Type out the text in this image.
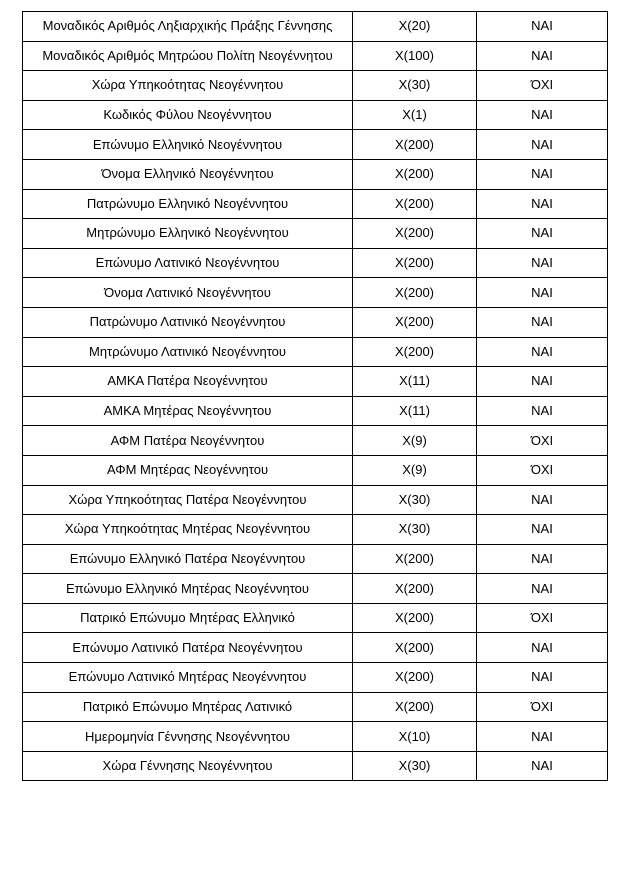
Μοναδικός Αριθμός Ληξιαρχικής Πράξης Γέννησης	Χ(20)	ΝΑΙ
Μοναδικός Αριθμός Μητρώου Πολίτη Νεογέννητου	Χ(100)	ΝΑΙ
Χώρα Υπηκοότητας Νεογέννητου	Χ(30)	ΌΧΙ
Κωδικός Φύλου Νεογέννητου	Χ(1)	ΝΑΙ
Επώνυμο Ελληνικό Νεογέννητου	Χ(200)	ΝΑΙ
Όνομα Ελληνικό Νεογέννητου	Χ(200)	ΝΑΙ
Πατρώνυμο Ελληνικό Νεογέννητου	Χ(200)	ΝΑΙ
Μητρώνυμο Ελληνικό Νεογέννητου	Χ(200)	ΝΑΙ
Επώνυμο Λατινικό Νεογέννητου	Χ(200)	ΝΑΙ
Όνομα Λατινικό Νεογέννητου	Χ(200)	ΝΑΙ
Πατρώνυμο Λατινικό Νεογέννητου	Χ(200)	ΝΑΙ
Μητρώνυμο Λατινικό Νεογέννητου	Χ(200)	ΝΑΙ
ΑΜΚΑ Πατέρα Νεογέννητου	Χ(11)	ΝΑΙ
ΑΜΚΑ Μητέρας Νεογέννητου	Χ(11)	ΝΑΙ
ΑΦΜ Πατέρα Νεογέννητου	Χ(9)	ΌΧΙ
ΑΦΜ Μητέρας Νεογέννητου	Χ(9)	ΌΧΙ
Χώρα Υπηκοότητας Πατέρα Νεογέννητου	Χ(30)	ΝΑΙ
Χώρα Υπηκοότητας Μητέρας Νεογέννητου	Χ(30)	ΝΑΙ
Επώνυμο Ελληνικό Πατέρα Νεογέννητου	Χ(200)	ΝΑΙ
Επώνυμο Ελληνικό Μητέρας Νεογέννητου	Χ(200)	ΝΑΙ
Πατρικό Επώνυμο Μητέρας Ελληνικό	Χ(200)	ΌΧΙ
Επώνυμο Λατινικό Πατέρα Νεογέννητου	Χ(200)	ΝΑΙ
Επώνυμο Λατινικό Μητέρας Νεογέννητου	Χ(200)	ΝΑΙ
Πατρικό Επώνυμο Μητέρας Λατινικό	Χ(200)	ΌΧΙ
Ημερομηνία Γέννησης Νεογέννητου	Χ(10)	ΝΑΙ
Χώρα Γέννησης Νεογέννητου	Χ(30)	ΝΑΙ
